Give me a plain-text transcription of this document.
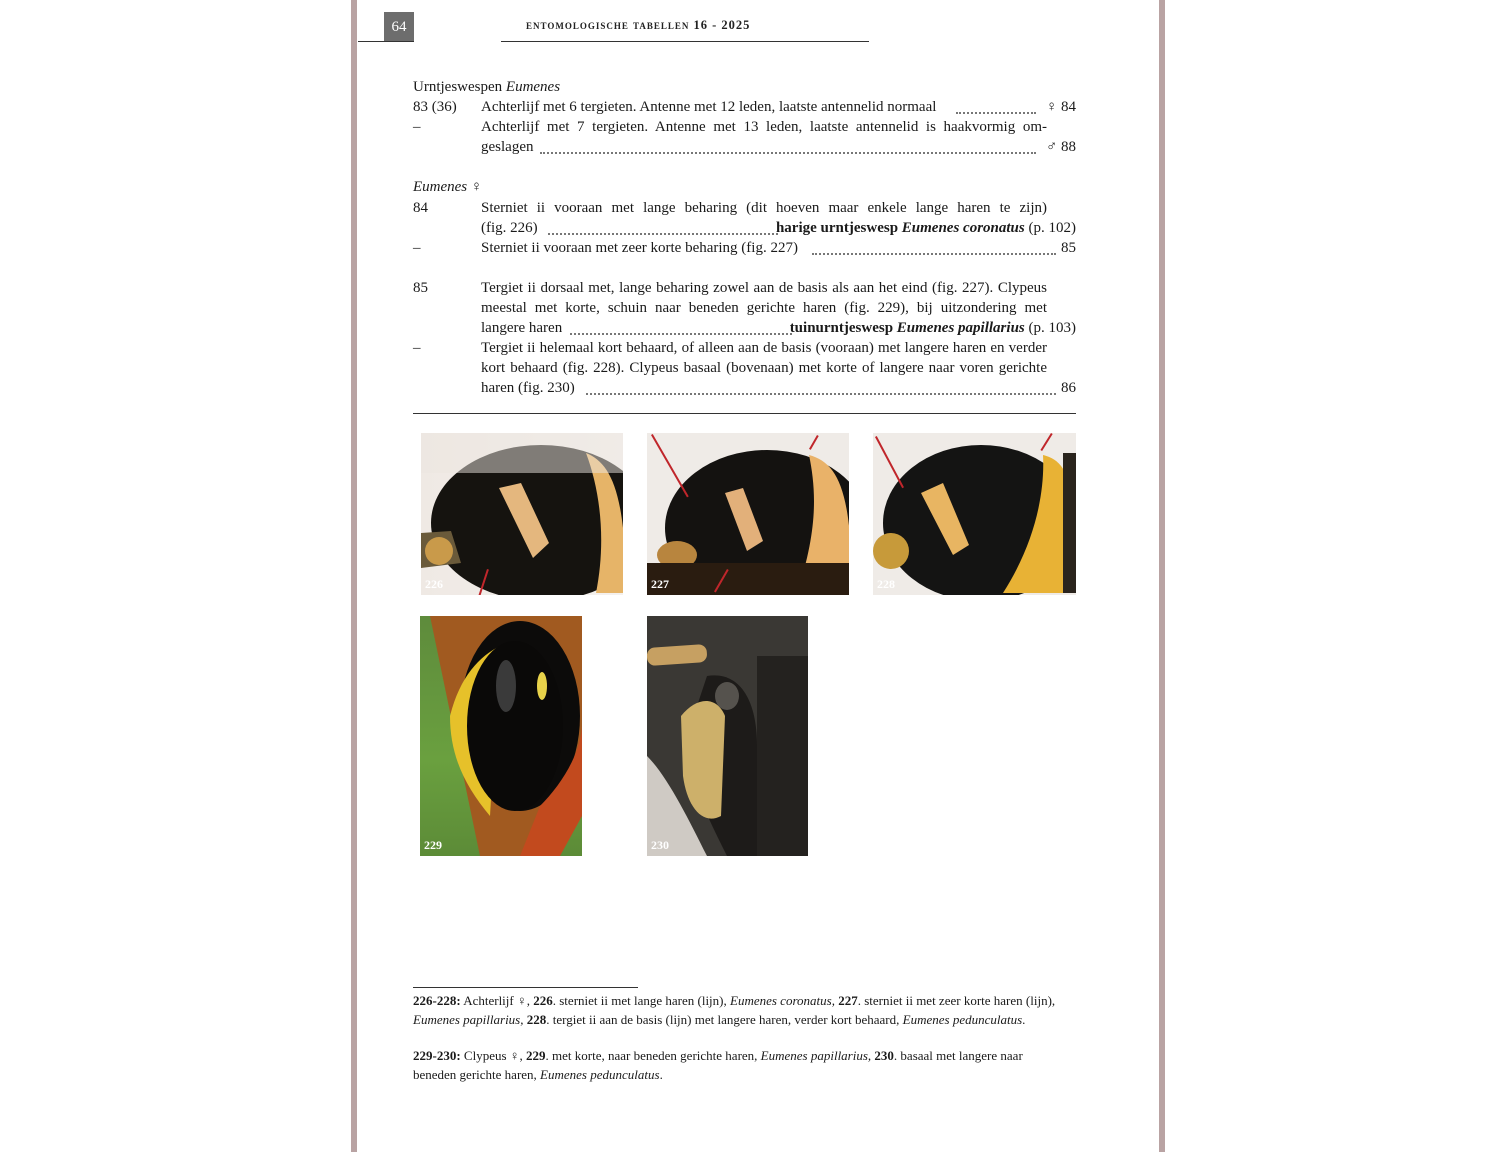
64	entomologische tabellen 16 - 2025
Urntjeswespen Eumenes
83 (36) Achterlijf met 6 tergieten. Antenne met 12 leden, laatste antennelid normaal	♀ 84
–	Achterlijf met 7 tergieten. Antenne met 13 leden, laatste antennelid is haakvormig om-
geslagen	♂ 88
Eumenes ♀
84	Sterniet ii vooraan met lange beharing (dit hoeven maar enkele lange haren te zijn)
(fig. 226)	harige urntjeswesp Eumenes coronatus (p. 102)
–	Sterniet ii vooraan met zeer korte beharing (fig. 227)	85
85	Tergiet ii dorsaal met, lange beharing zowel aan de basis als aan het eind (fig. 227). Clypeus
meestal met korte, schuin naar beneden gerichte haren (fig. 229), bij uitzondering met
langere haren	tuinurntjeswesp Eumenes papillarius (p. 103)
–	Tergiet ii helemaal kort behaard, of alleen aan de basis (vooraan) met langere haren en verder
kort behaard (fig. 228). Clypeus basaal (bovenaan) met korte of langere naar voren gerichte
haren (fig. 230)	86
226	227	228
229	230
226-228: Achterlijf ♀, 226. sterniet ii met lange haren (lijn), Eumenes coronatus, 227. sterniet ii met zeer korte haren (lijn), Eumenes papillarius, 228. tergiet ii aan de basis (lijn) met langere haren, verder kort behaard, Eumenes pedunculatus.
229-230: Clypeus ♀, 229. met korte, naar beneden gerichte haren, Eumenes papillarius, 230. basaal met langere naar beneden gerichte haren, Eumenes pedunculatus.
